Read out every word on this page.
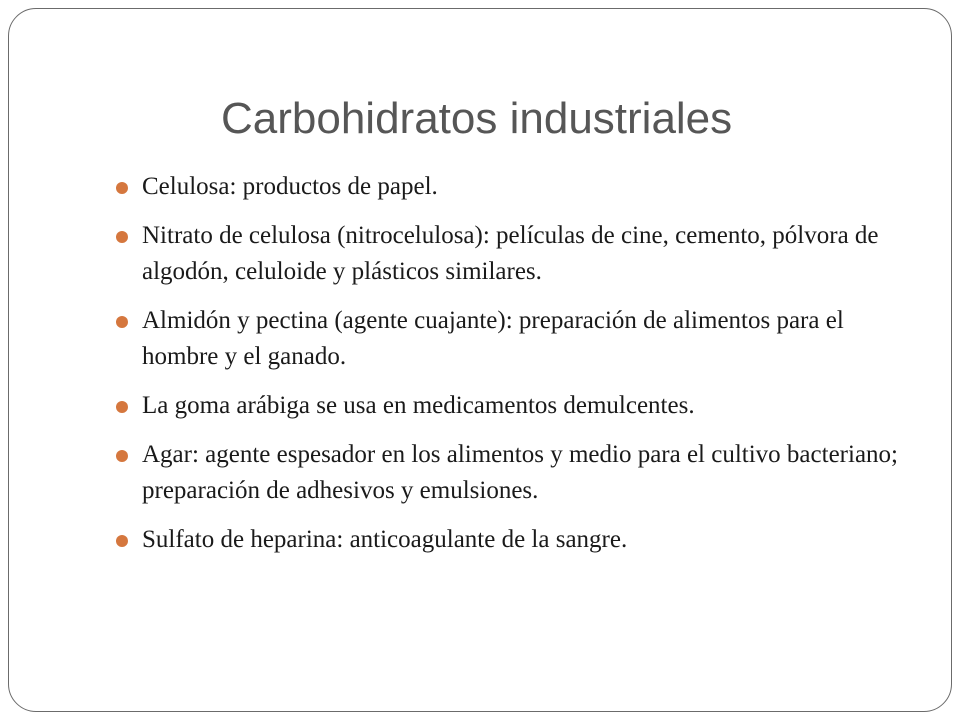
Carbohidratos industriales
Celulosa: productos de papel.
Nitrato de celulosa (nitrocelulosa): películas de cine, cemento, pólvora de algodón, celuloide y plásticos similares.
Almidón y pectina (agente cuajante): preparación de alimentos para el hombre y el ganado.
La goma arábiga se usa en medicamentos demulcentes.
Agar: agente espesador en los alimentos y medio para el cultivo bacteriano; preparación de adhesivos y emulsiones.
Sulfato de heparina: anticoagulante de la sangre.
